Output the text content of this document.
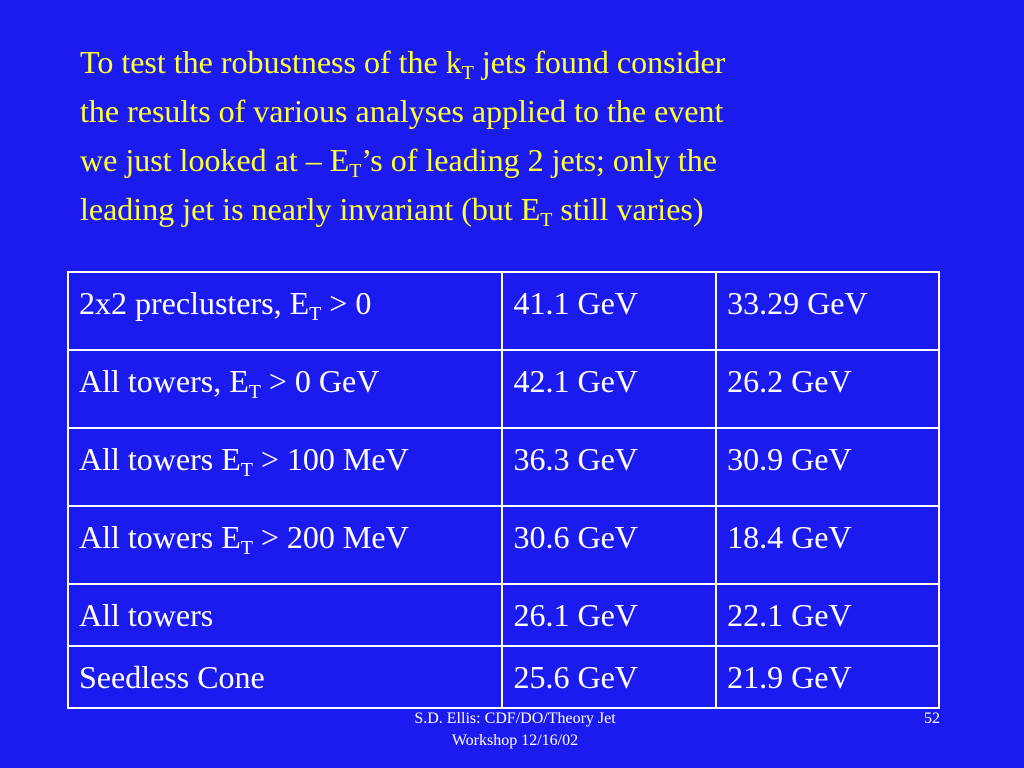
To test the robustness of the $k_T$ jets found consider
the results of various analyses applied to the event
we just looked at – $E_T’s$ of leading 2 jets; only the
leading jet is nearly invariant (but $E_T$ still varies)
2x2 preclusters, $E_T > 0$	41.1 GeV	33.29 GeV

All towers, $E_T > 0$ GeV	42.1 GeV	26.2 GeV

All towers $E_T > 100$ MeV	36.3 GeV	30.9 GeV

All towers $E_T > 200$ MeV	30.6 GeV	18.4 GeV

All towers	26.1 GeV	22.1 GeV

Seedless Cone	25.6 GeV	21.9 GeV
S.D. Ellis: CDF/DO/Theory Jet
Workshop 12/16/02
52
